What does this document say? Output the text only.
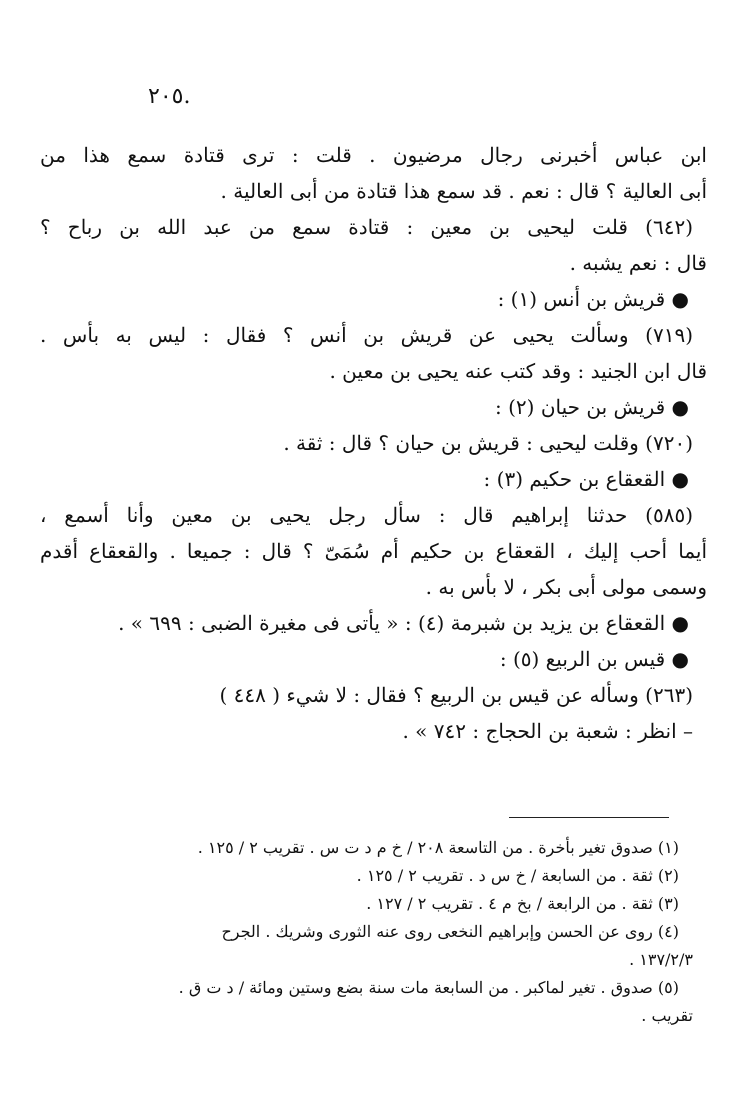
٢٠٥.
ابن عباس أخبرنى رجال مرضيون . قلت : ترى قتادة سمع هذا من
أبى العالية ؟ قال : نعم . قد سمع هذا قتادة من أبى العالية .
(٦٤٢) قلت ليحيى بن معين : قتادة سمع من عبد الله بن رباح ؟
قال : نعم يشبه .
● قريش بن أنس (١) :
(٧١٩) وسألت يحيى عن قريش بن أنس ؟ فقال : ليس به بأس .
قال ابن الجنيد : وقد كتب عنه يحيى بن معين .
● قريش بن حيان (٢) :
(٧٢٠) وقلت ليحيى : قريش بن حيان ؟ قال : ثقة .
● القعقاع بن حكيم (٣) :
(٥٨٥) حدثنا إبراهيم قال : سأل رجل يحيى بن معين وأنا أسمع ،
أيما أحب إليك ، القعقاع بن حكيم أم سُمَىّ ؟ قال : جميعا . والقعقاع أقدم
وسمى مولى أبى بكر ، لا بأس به .
● القعقاع بن يزيد بن شبرمة (٤) : « يأتى فى مغيرة الضبى : ٦٩٩ » .
● قيس بن الربيع (٥) :
(٢٦٣) وسأله عن قيس بن الربيع ؟ فقال : لا شيء ( ٤٤٨ )
– انظر : شعبة بن الحجاج : ٧٤٢ » .
(١) صدوق تغير بأخرة . من التاسعة ٢٠٨ / خ م د ت س . تقريب ٢ / ١٢٥ .
(٢) ثقة . من السابعة / خ س د . تقريب ٢ / ١٢٥ .
(٣) ثقة . من الرابعة / بخ م ٤ . تقريب ٢ / ١٢٧ .
(٤) روى عن الحسن وإبراهيم النخعى روى عنه الثورى وشريك . الجرح
١٣٧/٢/٣ .
(٥) صدوق . تغير لماكبر . من السابعة مات سنة بضع وستين ومائة / د ت ق .
تقريب .
